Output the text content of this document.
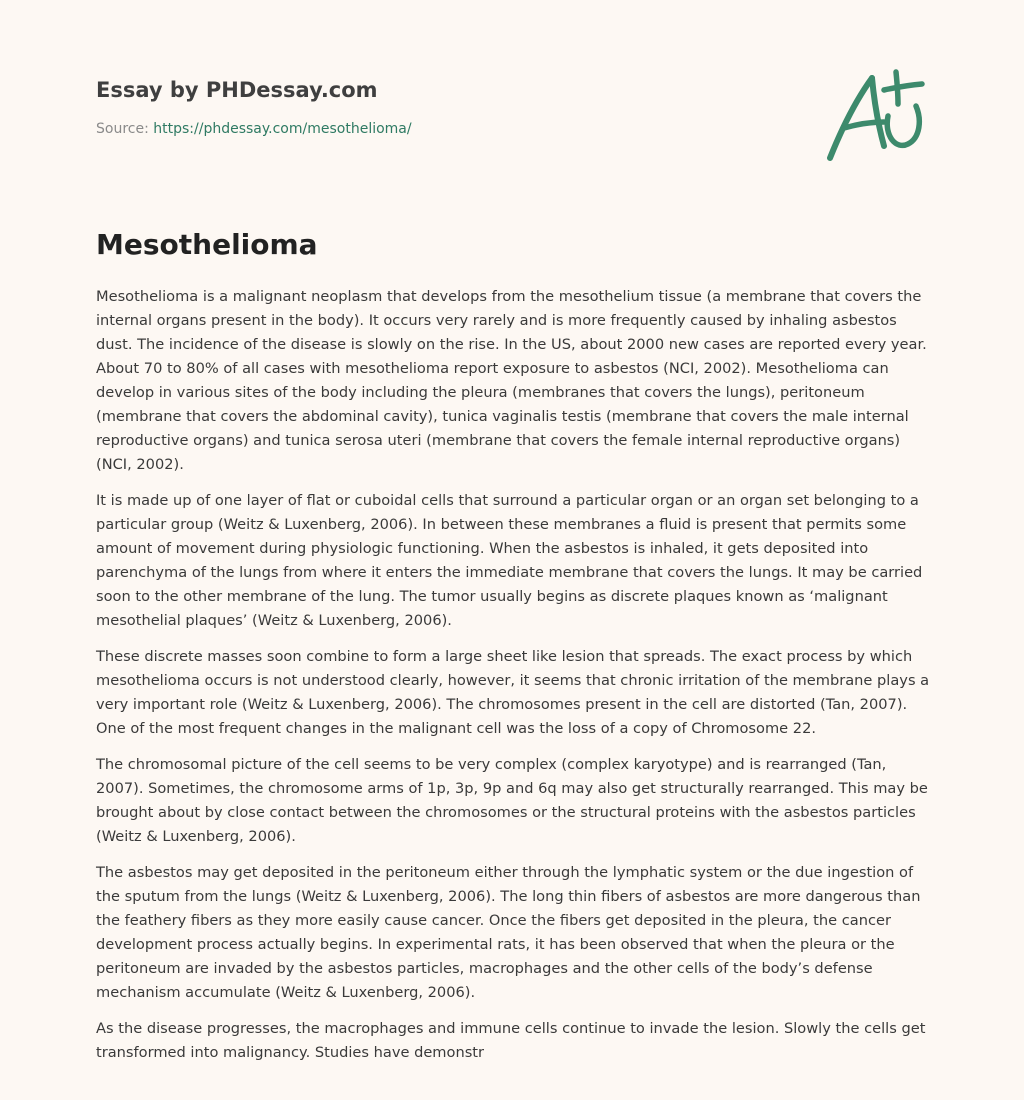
Essay by PHDessay.com
Source: https://phdessay.com/mesothelioma/
Mesothelioma

Mesothelioma is a malignant neoplasm that develops from the mesothelium tissue (a membrane that covers the internal organs present in the body). It occurs very rarely and is more frequently caused by inhaling asbestos dust. The incidence of the disease is slowly on the rise. In the US, about 2000 new cases are reported every year. About 70 to 80% of all cases with mesothelioma report exposure to asbestos (NCI, 2002). Mesothelioma can develop in various sites of the body including the pleura (membranes that covers the lungs), peritoneum (membrane that covers the abdominal cavity), tunica vaginalis testis (membrane that covers the male internal reproductive organs) and tunica serosa uteri (membrane that covers the female internal reproductive organs) (NCI, 2002).

It is made up of one layer of flat or cuboidal cells that surround a particular organ or an organ set belonging to a particular group (Weitz & Luxenberg, 2006). In between these membranes a fluid is present that permits some amount of movement during physiologic functioning. When the asbestos is inhaled, it gets deposited into parenchyma of the lungs from where it enters the immediate membrane that covers the lungs. It may be carried soon to the other membrane of the lung. The tumor usually begins as discrete plaques known as ‘malignant mesothelial plaques’ (Weitz & Luxenberg, 2006).

These discrete masses soon combine to form a large sheet like lesion that spreads. The exact process by which mesothelioma occurs is not understood clearly, however, it seems that chronic irritation of the membrane plays a very important role (Weitz & Luxenberg, 2006). The chromosomes present in the cell are distorted (Tan, 2007). One of the most frequent changes in the malignant cell was the loss of a copy of Chromosome 22.

The chromosomal picture of the cell seems to be very complex (complex karyotype) and is rearranged (Tan, 2007). Sometimes, the chromosome arms of 1p, 3p, 9p and 6q may also get structurally rearranged. This may be brought about by close contact between the chromosomes or the structural proteins with the asbestos particles (Weitz & Luxenberg, 2006).

The asbestos may get deposited in the peritoneum either through the lymphatic system or the due ingestion of the sputum from the lungs (Weitz & Luxenberg, 2006). The long thin fibers of asbestos are more dangerous than the feathery fibers as they more easily cause cancer. Once the fibers get deposited in the pleura, the cancer development process actually begins. In experimental rats, it has been observed that when the pleura or the peritoneum are invaded by the asbestos particles, macrophages and the other cells of the body’s defense mechanism accumulate (Weitz & Luxenberg, 2006).

As the disease progresses, the macrophages and immune cells continue to invade the lesion. Slowly the cells get transformed into malignancy. Studies have demonstr
